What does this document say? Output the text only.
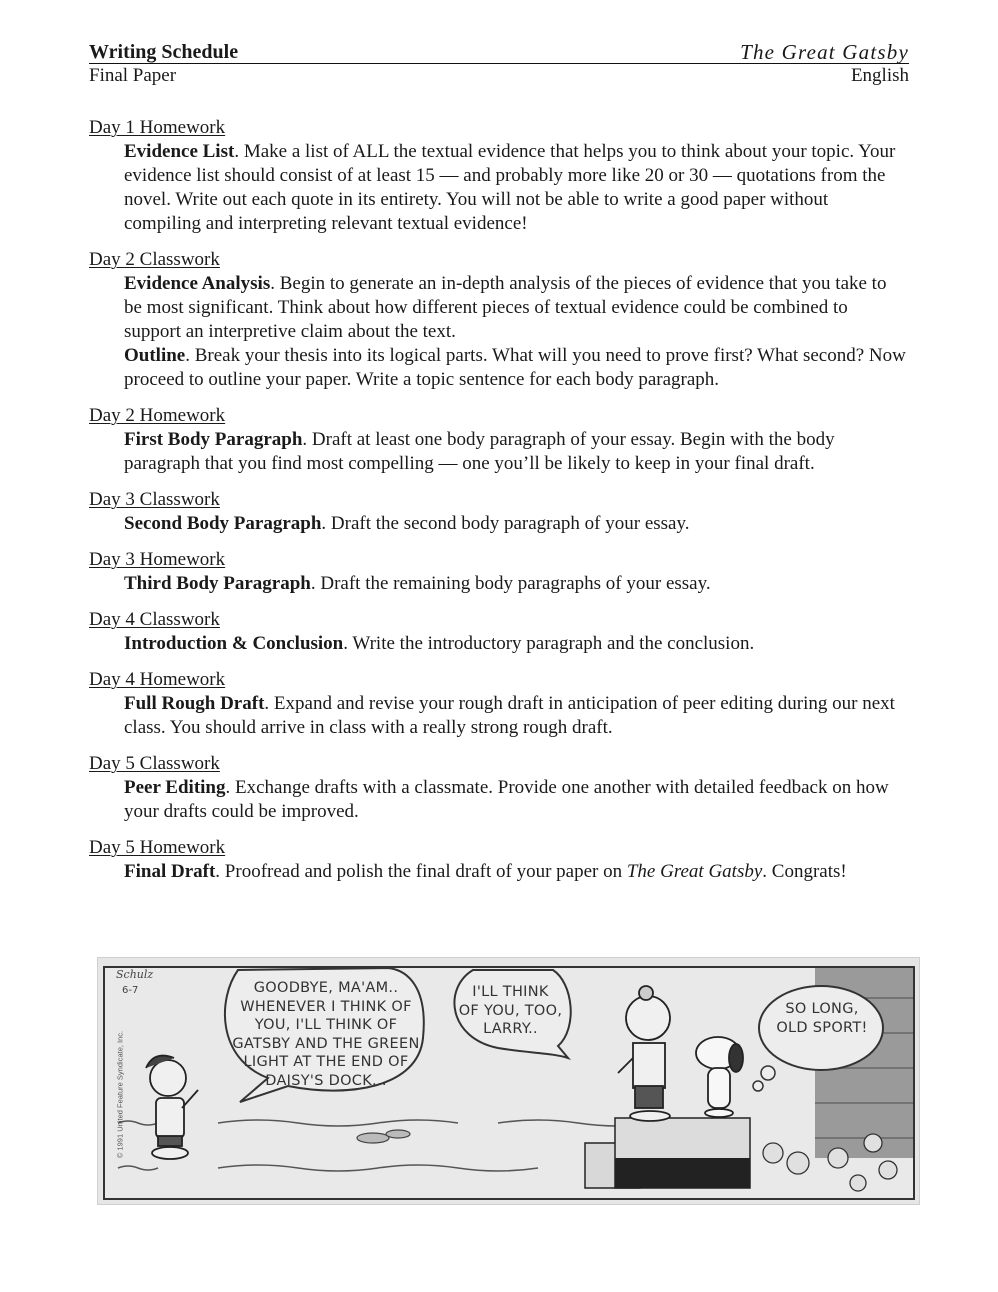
Writing Schedule	The Great Gatsby
Final Paper	English
Day 1 Homework
Evidence List. Make a list of ALL the textual evidence that helps you to think about your topic. Your evidence list should consist of at least 15 — and probably more like 20 or 30 — quotations from the novel. Write out each quote in its entirety. You will not be able to write a good paper without compiling and interpreting relevant textual evidence!
Day 2 Classwork
Evidence Analysis. Begin to generate an in-depth analysis of the pieces of evidence that you take to be most significant. Think about how different pieces of textual evidence could be combined to support an interpretive claim about the text.
Outline. Break your thesis into its logical parts. What will you need to prove first? What second? Now proceed to outline your paper. Write a topic sentence for each body paragraph.
Day 2 Homework
First Body Paragraph. Draft at least one body paragraph of your essay. Begin with the body paragraph that you find most compelling — one you’ll be likely to keep in your final draft.
Day 3 Classwork
Second Body Paragraph. Draft the second body paragraph of your essay.
Day 3 Homework
Third Body Paragraph. Draft the remaining body paragraphs of your essay.
Day 4 Classwork
Introduction & Conclusion. Write the introductory paragraph and the conclusion.
Day 4 Homework
Full Rough Draft. Expand and revise your rough draft in anticipation of peer editing during our next class. You should arrive in class with a really strong rough draft.
Day 5 Classwork
Peer Editing. Exchange drafts with a classmate. Provide one another with detailed feedback on how your drafts could be improved.
Day 5 Homework
Final Draft. Proofread and polish the final draft of your paper on The Great Gatsby. Congrats!
Schulz
6-7
© 1991 United Feature Syndicate, Inc.
GOODBYE, MA'AM..
WHENEVER I THINK OF
YOU, I'LL THINK OF
GATSBY AND THE GREEN
LIGHT AT THE END OF
DAISY'S DOCK...
I'LL THINK
OF YOU, TOO,
LARRY..
SO LONG,
OLD SPORT!
